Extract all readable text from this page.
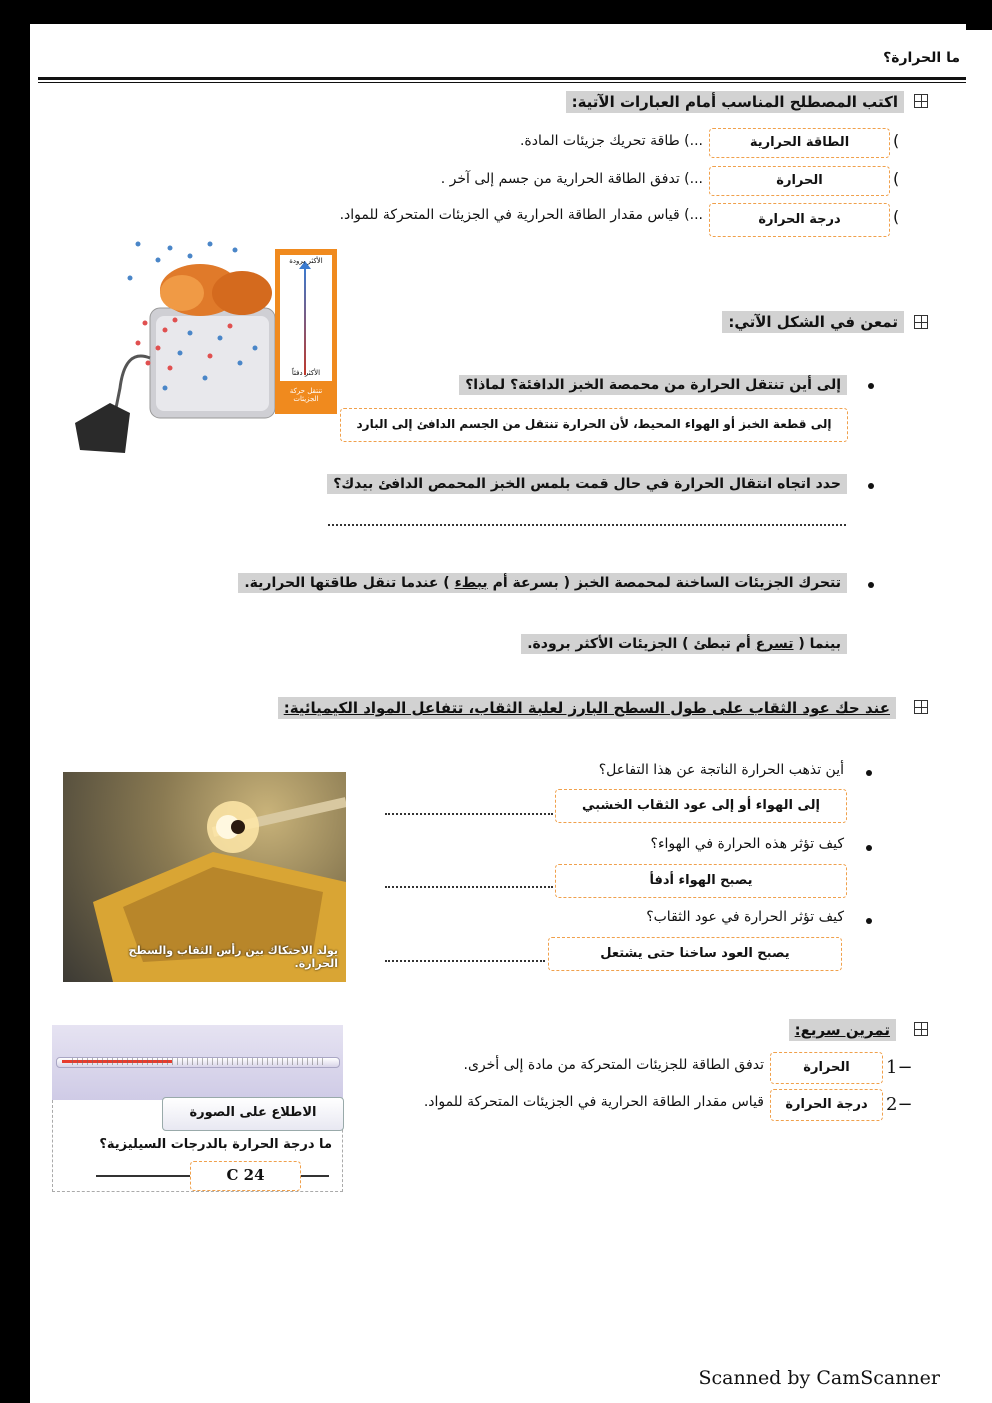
ما الحرارة؟
اكتب المصطلح المناسب أمام العبارات الآتية:
(
الطاقة الحرارية
...) طاقة تحريك جزيئات المادة.
(
الحرارة
...) تدفق الطاقة الحرارية من جسم إلى آخر .
(
درجة الحرارة
...) قياس مقدار الطاقة الحرارية في الجزيئات المتحركة للمواد.
الأكثر برودة
الأكثر دفئاً
تنتقل حركة الجزيئات
تمعن في الشكل الآتي:
إلى أين تنتقل الحرارة من محمصة الخبز الدافئة؟ لماذا؟
إلى قطعة الخبز أو الهواء المحيط، لأن الحرارة تنتقل من الجسم الدافئ إلى البارد
حدد اتجاه انتقال الحرارة في حال قمت بلمس الخبز المحمص الدافئ بيدك؟
تتحرك الجزيئات الساخنة لمحمصة الخبز ( بسرعة أم ببطء ) عندما تنقل طاقتها الحرارية.
بينما ( تسرع أم تبطئ ) الجزيئات الأكثر برودة.
عند حك عود الثقاب على طول السطح البارز لعلبة الثقاب، تتفاعل المواد الكيميائية:
يولد الاحتكاك بين رأس الثقاب والسطح الحرارة.
أين تذهب الحرارة الناتجة عن هذا التفاعل؟
إلى الهواء أو إلى عود الثقاب الخشبي
كيف تؤثر هذه الحرارة في الهواء؟
يصبح الهواء أدفأ
كيف تؤثر الحرارة في عود الثقاب؟
يصبح العود ساخنا حتى يشتعل
تمرين سريع:
1−
الحرارة
تدفق الطاقة للجزيئات المتحركة من مادة إلى أخرى.
2−
درجة الحرارة
قياس مقدار الطاقة الحرارية في الجزيئات المتحركة للمواد.
الاطلاع على الصورة
ما درجة الحرارة بالدرجات السيليزية؟
24 C
Scanned by CamScanner
